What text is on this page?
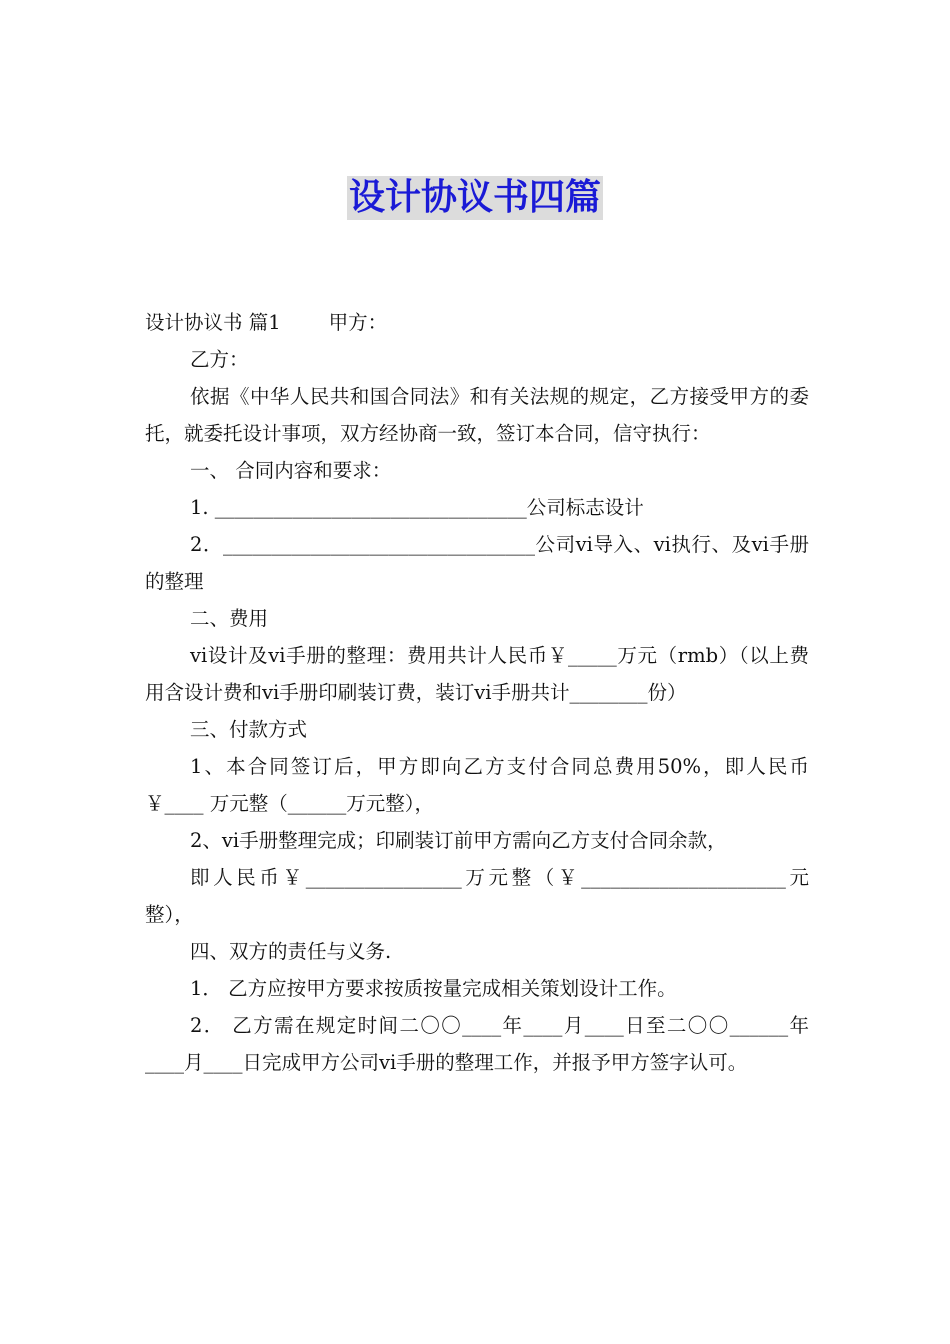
设计协议书四篇

设计协议书 篇1 甲方：

乙方：

依据《中华人民共和国合同法》和有关法规的规定，乙方接受甲方的委托，就委托设计事项，双方经协商一致，签订本合同，信守执行：

一、 合同内容和要求：

1. ________________________________公司标志设计

2．________________________________公司vi导入、vi执行、及vi手册的整理

二、费用

vi设计及vi手册的整理：费用共计人民币￥_____万元（rmb）（以上费用含设计费和vi手册印刷装订费，装订vi手册共计________份）

三、付款方式

1、本合同签订后，甲方即向乙方支付合同总费用50%，即人民币￥____ 万元整（______万元整），

2、vi手册整理完成；印刷装订前甲方需向乙方支付合同余款，

即人民币￥________________万元整（￥_____________________元整），

四、双方的责任与义务.

1． 乙方应按甲方要求按质按量完成相关策划设计工作。

2． 乙方需在规定时间二〇〇____年____月____日至二〇〇______年____月____日完成甲方公司vi手册的整理工作，并报予甲方签字认可。
